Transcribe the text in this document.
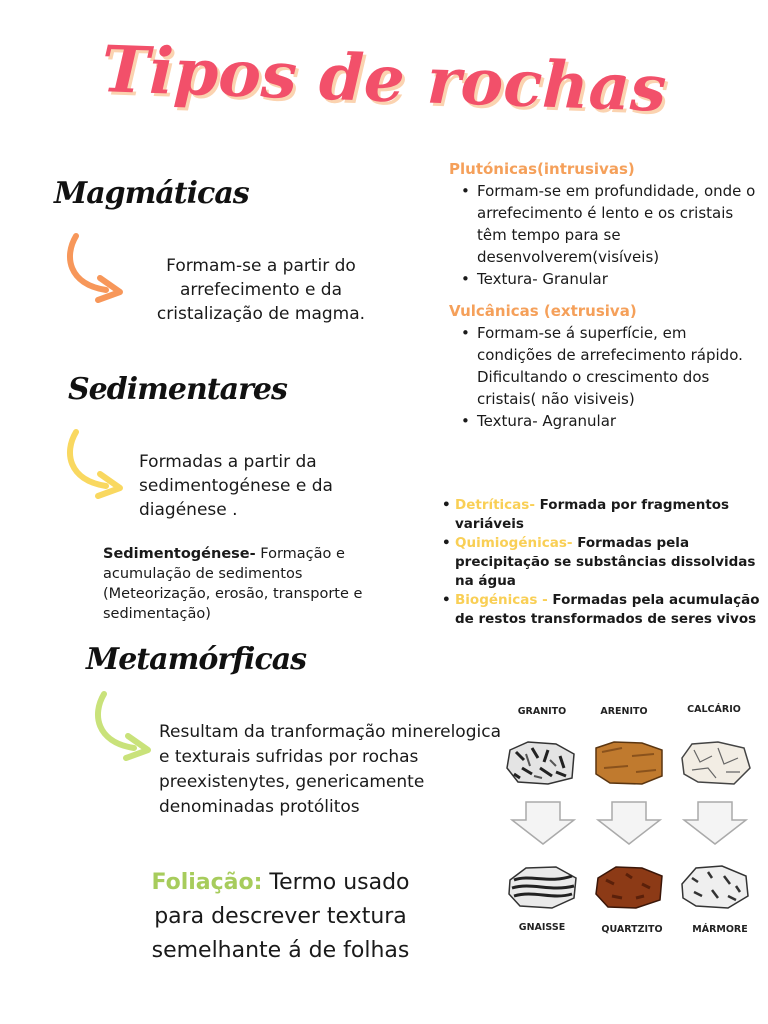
Tipos de rochas
Magmáticas
Formam-se a partir do arrefecimento e da cristalização de magma.
Sedimentares
Formadas a partir da sedimentogénese e da diagénese .
Sedimentogénese- Formação e acumulação de sedimentos (Meteorização, erosão, transporte e sedimentação)
Metamórficas
Resultam da tranformação minerelogica e texturais sufridas por rochas preexistenytes, genericamente denominadas protólitos
Foliação: Termo usado para descrever textura semelhante á de folhas
Plutónicas(intrusivas)
• Formam-se em profundidade, onde o arrefecimento é lento e os cristais têm tempo para se desenvolverem(visíveis)
• Textura- Granular
Vulcânicas (extrusiva)
• Formam-se á superfície, em condições de arrefecimento rápido. Dificultando o crescimento dos cristais( não visiveis)
• Textura- Agranular
• Detríticas- Formada por fragmentos variáveis
• Quimiogénicas- Formadas pela precipitação se substâncias dissolvidas na água
• Biogénicas - Formadas pela acumulação de restos transformados de seres vivos
GRANITO	ARENITO	CALCÁRIO
GNAISSE	QUARTZITO	MÁRMORE
